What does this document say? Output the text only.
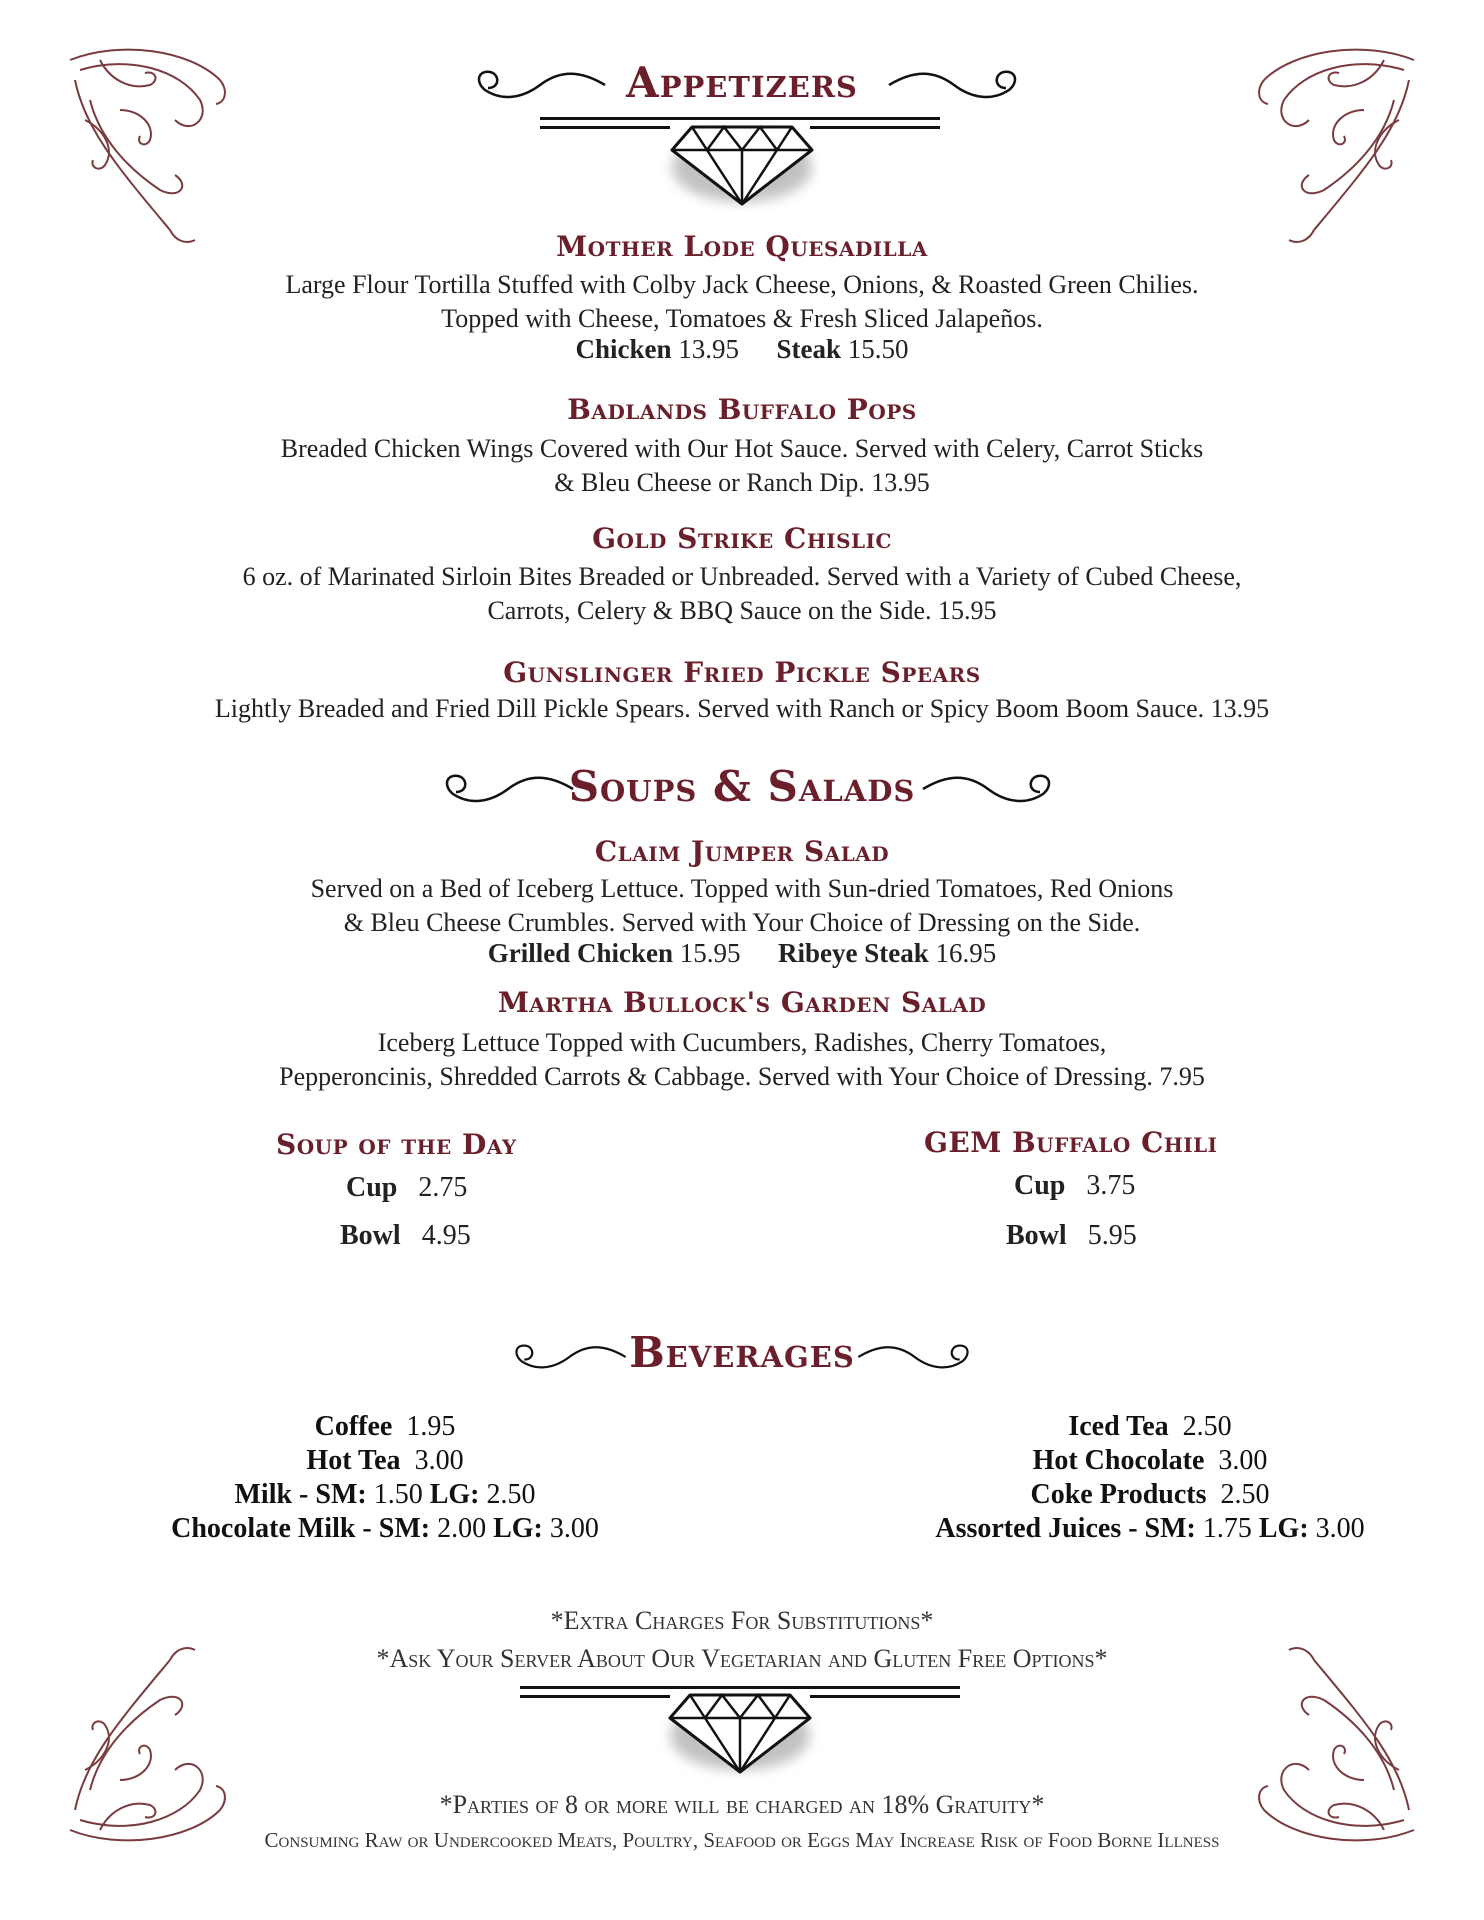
Appetizers
Mother Lode Quesadilla
Large Flour Tortilla Stuffed with Colby Jack Cheese, Onions, & Roasted Green Chilies.
Topped with Cheese, Tomatoes & Fresh Sliced Jalapeños.
Chicken 13.95 Steak 15.50
Badlands Buffalo Pops
Breaded Chicken Wings Covered with Our Hot Sauce. Served with Celery, Carrot Sticks
& Bleu Cheese or Ranch Dip. 13.95
Gold Strike Chislic
6 oz. of Marinated Sirloin Bites Breaded or Unbreaded. Served with a Variety of Cubed Cheese,
Carrots, Celery & BBQ Sauce on the Side. 15.95
Gunslinger Fried Pickle Spears
Lightly Breaded and Fried Dill Pickle Spears. Served with Ranch or Spicy Boom Boom Sauce. 13.95
Soups & Salads
Claim Jumper Salad
Served on a Bed of Iceberg Lettuce. Topped with Sun-dried Tomatoes, Red Onions
& Bleu Cheese Crumbles. Served with Your Choice of Dressing on the Side.
Grilled Chicken 15.95 Ribeye Steak 16.95
Martha Bullock's Garden Salad
Iceberg Lettuce Topped with Cucumbers, Radishes, Cherry Tomatoes,
Pepperoncinis, Shredded Carrots & Cabbage. Served with Your Choice of Dressing. 7.95
Soup of the Day
Cup 2.75
Bowl 4.95
GEM Buffalo Chili
Cup 3.75
Bowl 5.95
Beverages
Coffee 1.95
Hot Tea 3.00
Milk - SM: 1.50 LG: 2.50
Chocolate Milk - SM: 2.00 LG: 3.00
Iced Tea 2.50
Hot Chocolate 3.00
Coke Products 2.50
Assorted Juices - SM: 1.75 LG: 3.00
*Extra Charges For Substitutions*
*Ask Your Server About Our Vegetarian and Gluten Free Options*
*Parties of 8 or more will be charged an 18% Gratuity*
Consuming Raw or Undercooked Meats, Poultry, Seafood or Eggs May Increase Risk of Food Borne Illness
